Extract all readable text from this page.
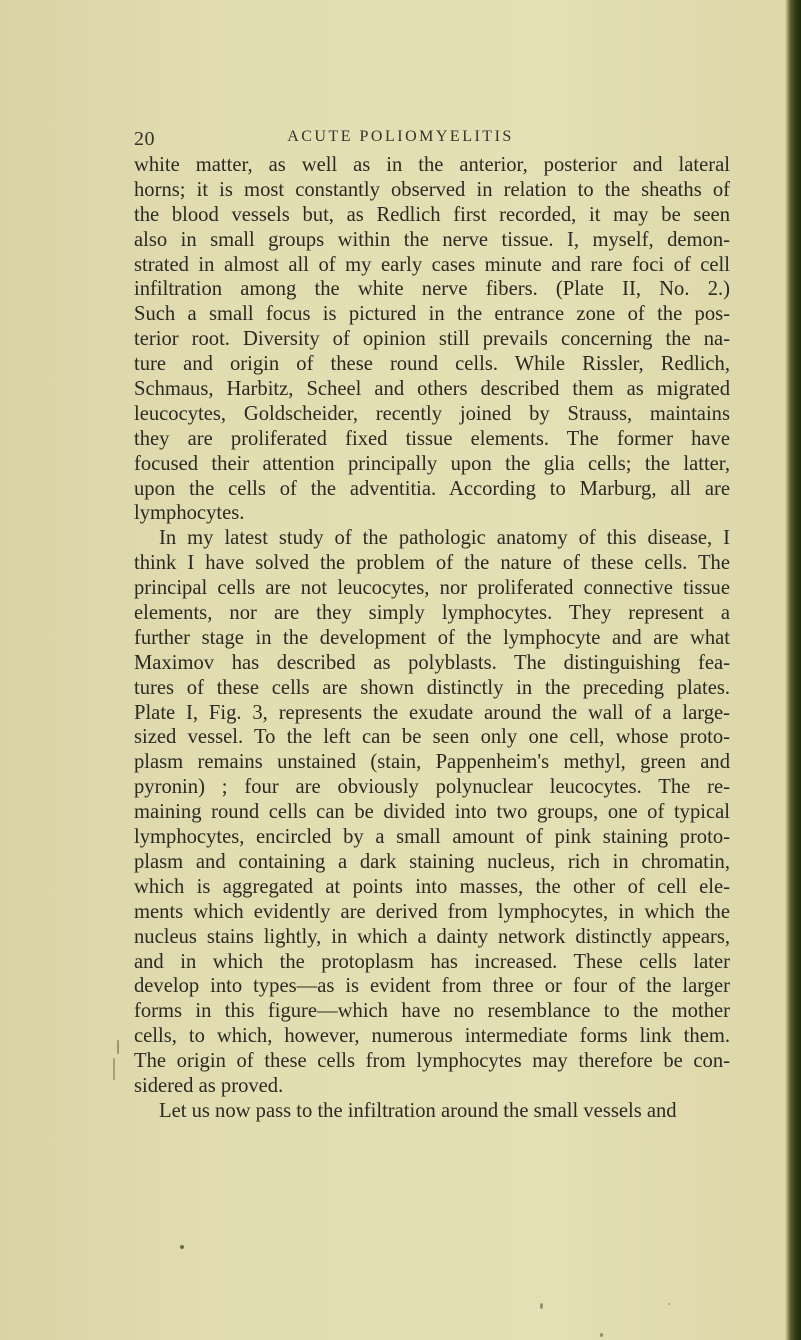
20	ACUTE POLIOMYELITIS
white matter, as well as in the anterior, posterior and lateral
horns; it is most constantly observed in relation to the sheaths of
the blood vessels but, as Redlich first recorded, it may be seen
also in small groups within the nerve tissue. I, myself, demon-
strated in almost all of my early cases minute and rare foci of cell
infiltration among the white nerve fibers. (Plate II, No. 2.)
Such a small focus is pictured in the entrance zone of the pos-
terior root. Diversity of opinion still prevails concerning the na-
ture and origin of these round cells. While Rissler, Redlich,
Schmaus, Harbitz, Scheel and others described them as migrated
leucocytes, Goldscheider, recently joined by Strauss, maintains
they are proliferated fixed tissue elements. The former have
focused their attention principally upon the glia cells; the latter,
upon the cells of the adventitia. According to Marburg, all are
lymphocytes.
In my latest study of the pathologic anatomy of this disease, I
think I have solved the problem of the nature of these cells. The
principal cells are not leucocytes, nor proliferated connective tissue
elements, nor are they simply lymphocytes. They represent a
further stage in the development of the lymphocyte and are what
Maximov has described as polyblasts. The distinguishing fea-
tures of these cells are shown distinctly in the preceding plates.
Plate I, Fig. 3, represents the exudate around the wall of a large-
sized vessel. To the left can be seen only one cell, whose proto-
plasm remains unstained (stain, Pappenheim's methyl, green and
pyronin) ; four are obviously polynuclear leucocytes. The re-
maining round cells can be divided into two groups, one of typical
lymphocytes, encircled by a small amount of pink staining proto-
plasm and containing a dark staining nucleus, rich in chromatin,
which is aggregated at points into masses, the other of cell ele-
ments which evidently are derived from lymphocytes, in which the
nucleus stains lightly, in which a dainty network distinctly appears,
and in which the protoplasm has increased. These cells later
develop into types—as is evident from three or four of the larger
forms in this figure—which have no resemblance to the mother
cells, to which, however, numerous intermediate forms link them.
The origin of these cells from lymphocytes may therefore be con-
sidered as proved.
Let us now pass to the infiltration around the small vessels and
